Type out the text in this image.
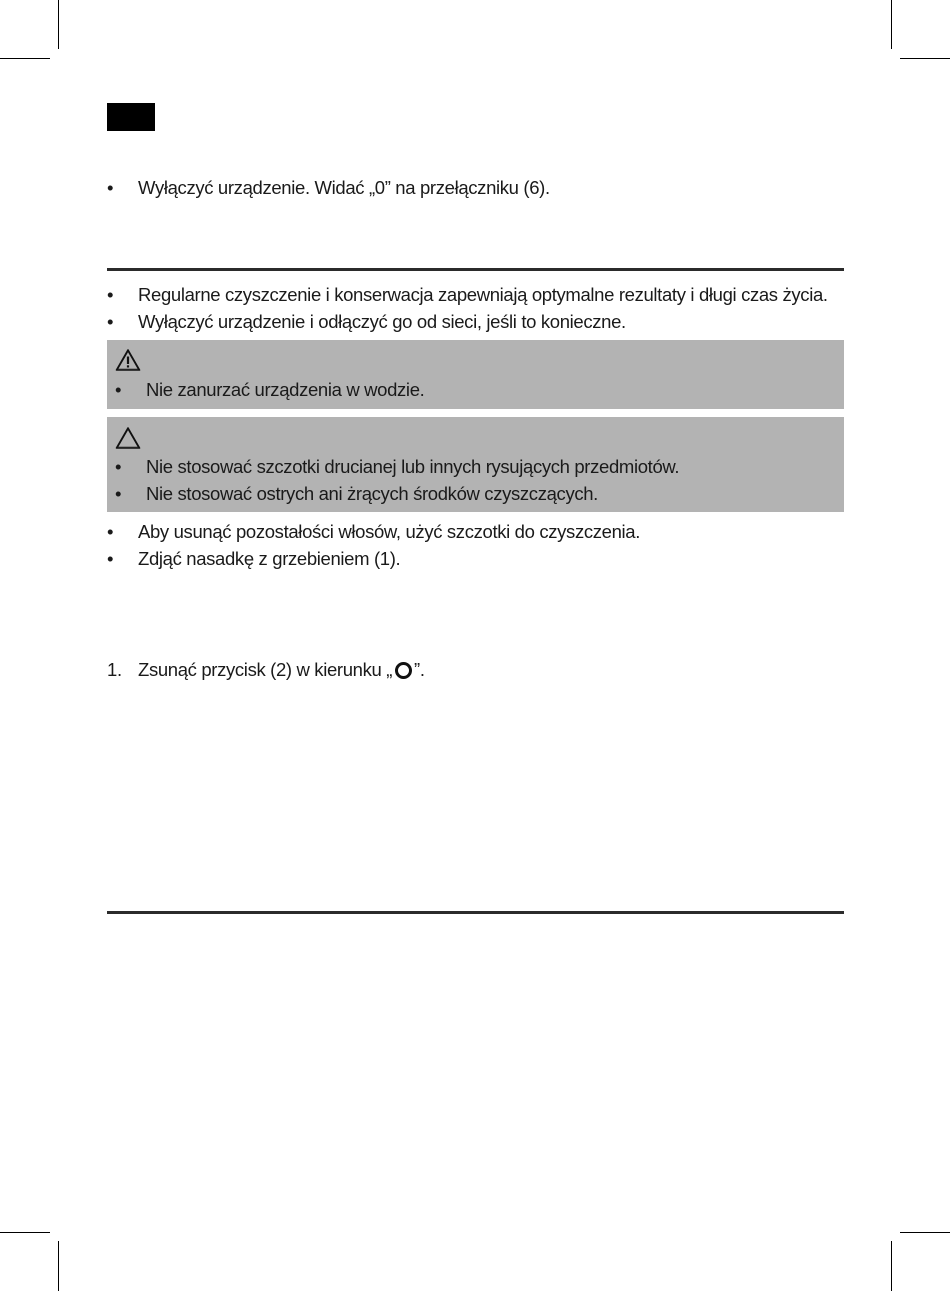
• Wyłączyć urządzenie. Widać „0” na przełączniku (6).
• Regularne czyszczenie i konserwacja zapewniają optymalne rezultaty i długi czas życia.
• Wyłączyć urządzenie i odłączyć go od sieci, jeśli to konieczne.
• Nie zanurzać urządzenia w wodzie.
• Nie stosować szczotki drucianej lub innych rysujących przedmiotów.
• Nie stosować ostrych ani żrących środków czyszczących.
• Aby usunąć pozostałości włosów, użyć szczotki do czyszczenia.
• Zdjąć nasadkę z grzebieniem (1).
1. Zsunąć przycisk (2) w kierunku „ ”.
